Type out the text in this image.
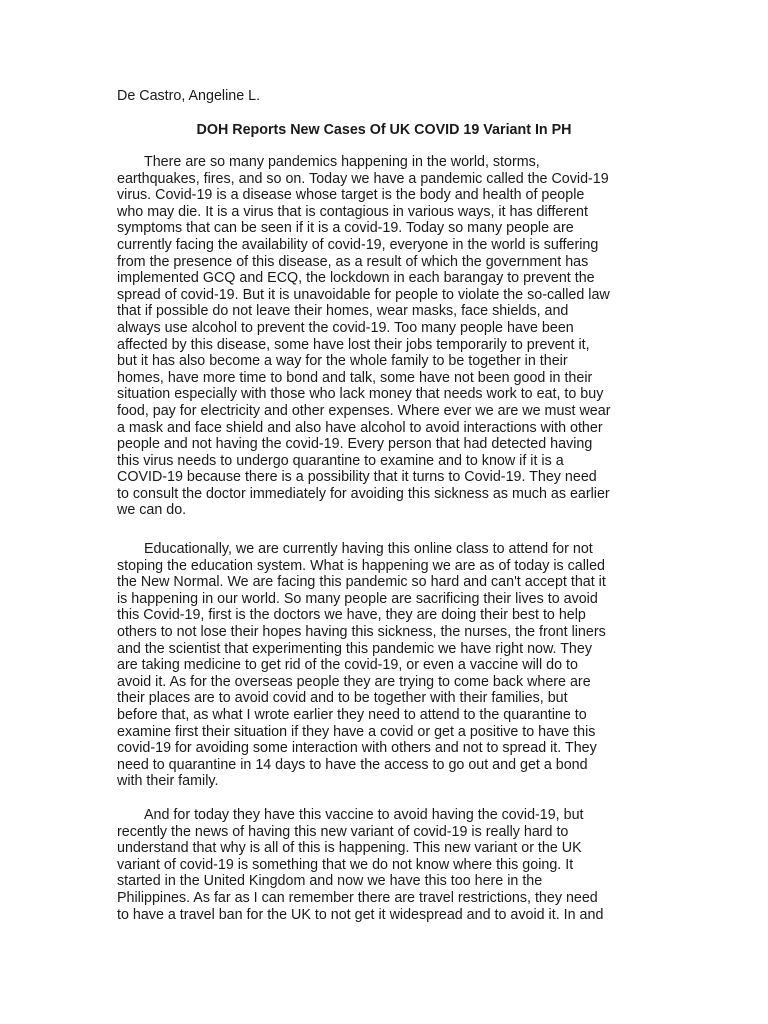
De Castro, Angeline L.

DOH Reports New Cases Of UK COVID 19 Variant In PH

There are so many pandemics happening in the world, storms,
earthquakes, fires, and so on. Today we have a pandemic called the Covid-19
virus. Covid-19 is a disease whose target is the body and health of people
who may die. It is a virus that is contagious in various ways, it has different
symptoms that can be seen if it is a covid-19. Today so many people are
currently facing the availability of covid-19, everyone in the world is suffering
from the presence of this disease, as a result of which the government has
implemented GCQ and ECQ, the lockdown in each barangay to prevent the
spread of covid-19. But it is unavoidable for people to violate the so-called law
that if possible do not leave their homes, wear masks, face shields, and
always use alcohol to prevent the covid-19. Too many people have been
affected by this disease, some have lost their jobs temporarily to prevent it,
but it has also become a way for the whole family to be together in their
homes, have more time to bond and talk, some have not been good in their
situation especially with those who lack money that needs work to eat, to buy
food, pay for electricity and other expenses. Where ever we are we must wear
a mask and face shield and also have alcohol to avoid interactions with other
people and not having the covid-19. Every person that had detected having
this virus needs to undergo quarantine to examine and to know if it is a
COVID-19 because there is a possibility that it turns to Covid-19. They need
to consult the doctor immediately for avoiding this sickness as much as earlier
we can do.
Educationally, we are currently having this online class to attend for not
stoping the education system. What is happening we are as of today is called
the New Normal. We are facing this pandemic so hard and can't accept that it
is happening in our world. So many people are sacrificing their lives to avoid
this Covid-19, first is the doctors we have, they are doing their best to help
others to not lose their hopes having this sickness, the nurses, the front liners
and the scientist that experimenting this pandemic we have right now. They
are taking medicine to get rid of the covid-19, or even a vaccine will do to
avoid it. As for the overseas people they are trying to come back where are
their places are to avoid covid and to be together with their families, but
before that, as what I wrote earlier they need to attend to the quarantine to
examine first their situation if they have a covid or get a positive to have this
covid-19 for avoiding some interaction with others and not to spread it. They
need to quarantine in 14 days to have the access to go out and get a bond
with their family.
And for today they have this vaccine to avoid having the covid-19, but
recently the news of having this new variant of covid-19 is really hard to
understand that why is all of this is happening. This new variant or the UK
variant of covid-19 is something that we do not know where this going. It
started in the United Kingdom and now we have this too here in the
Philippines. As far as I can remember there are travel restrictions, they need
to have a travel ban for the UK to not get it widespread and to avoid it. In and
